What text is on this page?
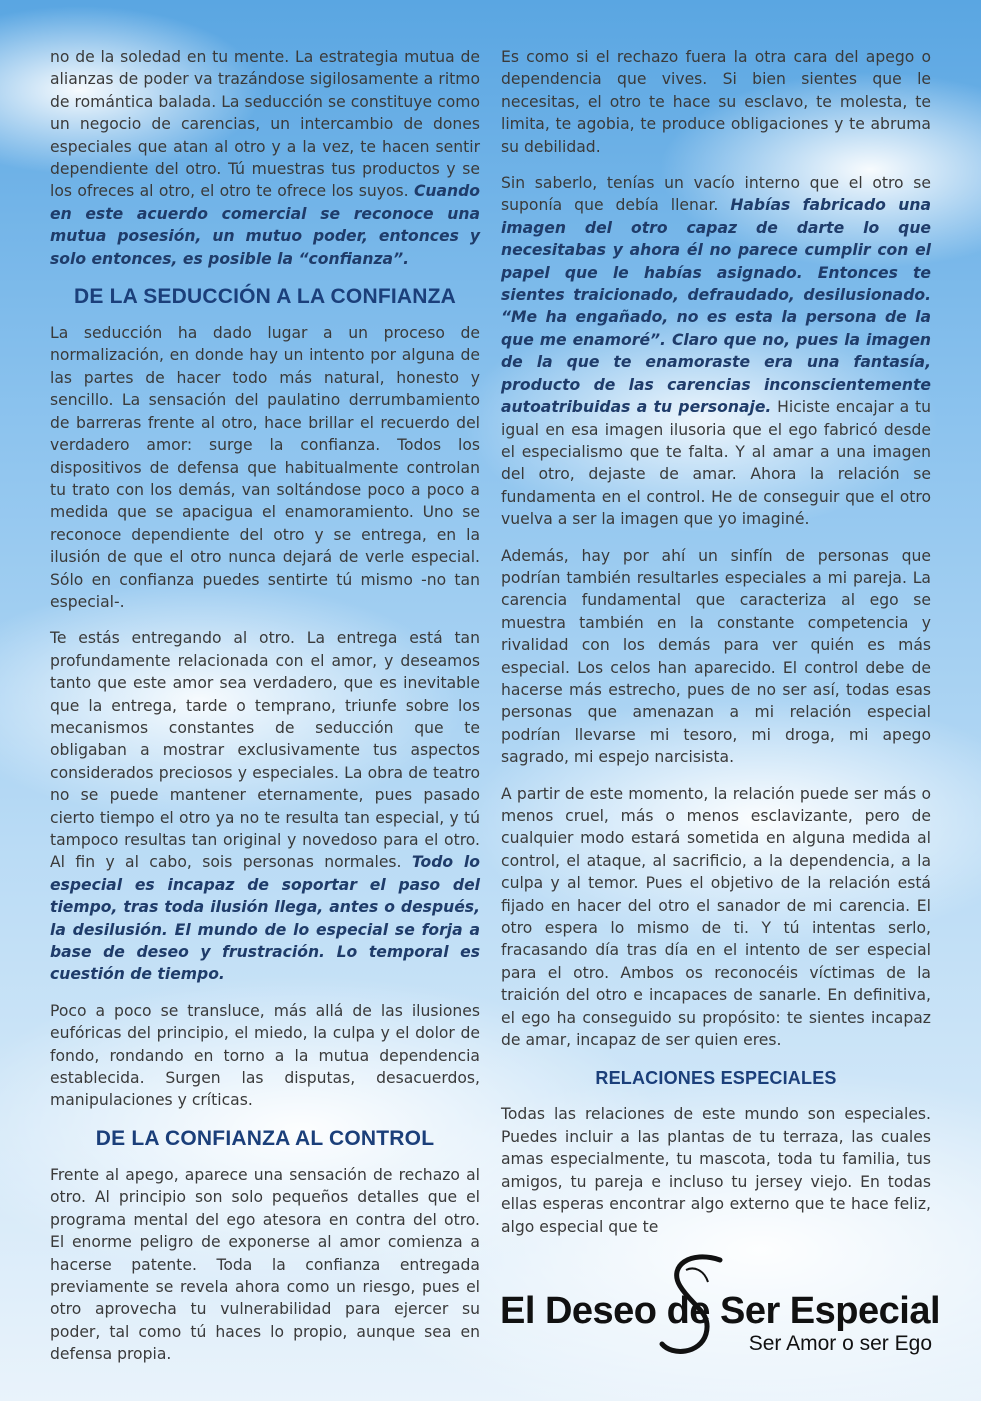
no de la soledad en tu mente. La estrategia mutua de alianzas de poder va trazándose sigilosamente a ritmo de romántica balada. La seducción se constituye como un negocio de carencias, un intercambio de dones especiales que atan al otro y a la vez, te hacen sentir dependiente del otro. Tú muestras tus productos y se los ofreces al otro, el otro te ofrece los suyos. Cuando en este acuerdo comercial se reconoce una mutua posesión, un mutuo poder, entonces y solo entonces, es posible la “confianza”.

DE LA SEDUCCIÓN A LA CONFIANZA

La seducción ha dado lugar a un proceso de normalización, en donde hay un intento por alguna de las partes de hacer todo más natural, honesto y sencillo. La sensación del paulatino derrumbamiento de barreras frente al otro, hace brillar el recuerdo del verdadero amor: surge la confianza. Todos los dispositivos de defensa que habitualmente controlan tu trato con los demás, van soltándose poco a poco a medida que se apacigua el enamoramiento. Uno se reconoce dependiente del otro y se entrega, en la ilusión de que el otro nunca dejará de verle especial. Sólo en confianza puedes sentirte tú mismo -no tan especial-.

Te estás entregando al otro. La entrega está tan profundamente relacionada con el amor, y deseamos tanto que este amor sea verdadero, que es inevitable que la entrega, tarde o temprano, triunfe sobre los mecanismos constantes de seducción que te obligaban a mostrar exclusivamente tus aspectos considerados preciosos y especiales. La obra de teatro no se puede mantener eternamente, pues pasado cierto tiempo el otro ya no te resulta tan especial, y tú tampoco resultas tan original y novedoso para el otro. Al fin y al cabo, sois personas normales. Todo lo especial es incapaz de soportar el paso del tiempo, tras toda ilusión llega, antes o después, la desilusión. El mundo de lo especial se forja a base de deseo y frustración. Lo temporal es cuestión de tiempo.

Poco a poco se transluce, más allá de las ilusiones eufóricas del principio, el miedo, la culpa y el dolor de fondo, rondando en torno a la mutua dependencia establecida. Surgen las disputas, desacuerdos, manipulaciones y críticas.

DE LA CONFIANZA AL CONTROL

Frente al apego, aparece una sensación de rechazo al otro. Al principio son solo pequeños detalles que el programa mental del ego atesora en contra del otro. El enorme peligro de exponerse al amor comienza a hacerse patente. Toda la confianza entregada previamente se revela ahora como un riesgo, pues el otro aprovecha tu vulnerabilidad para ejercer su poder, tal como tú haces lo propio, aunque sea en defensa propia.

Es como si el rechazo fuera la otra cara del apego o dependencia que vives. Si bien sientes que le necesitas, el otro te hace su esclavo, te molesta, te limita, te agobia, te produce obligaciones y te abruma su debilidad.

Sin saberlo, tenías un vacío interno que el otro se suponía que debía llenar. Habías fabricado una imagen del otro capaz de darte lo que necesitabas y ahora él no parece cumplir con el papel que le habías asignado. Entonces te sientes traicionado, defraudado, desilusionado. “Me ha engañado, no es esta la persona de la que me enamoré”. Claro que no, pues la imagen de la que te enamoraste era una fantasía, producto de las carencias inconscientemente autoatribuidas a tu personaje. Hiciste encajar a tu igual en esa imagen ilusoria que el ego fabricó desde el especialismo que te falta. Y al amar a una imagen del otro, dejaste de amar. Ahora la relación se fundamenta en el control. He de conseguir que el otro vuelva a ser la imagen que yo imaginé.

Además, hay por ahí un sinfín de personas que podrían también resultarles especiales a mi pareja. La carencia fundamental que caracteriza al ego se muestra también en la constante competencia y rivalidad con los demás para ver quién es más especial. Los celos han aparecido. El control debe de hacerse más estrecho, pues de no ser así, todas esas personas que amenazan a mi relación especial podrían llevarse mi tesoro, mi droga, mi apego sagrado, mi espejo narcisista.

A partir de este momento, la relación puede ser más o menos cruel, más o menos esclavizante, pero de cualquier modo estará sometida en alguna medida al control, el ataque, al sacrificio, a la dependencia, a la culpa y al temor. Pues el objetivo de la relación está fijado en hacer del otro el sanador de mi carencia. El otro espera lo mismo de ti. Y tú intentas serlo, fracasando día tras día en el intento de ser especial para el otro. Ambos os reconocéis víctimas de la traición del otro e incapaces de sanarle. En definitiva, el ego ha conseguido su propósito: te sientes incapaz de amar, incapaz de ser quien eres.

RELACIONES ESPECIALES

Todas las relaciones de este mundo son especiales. Puedes incluir a las plantas de tu terraza, las cuales amas especialmente, tu mascota, toda tu familia, tus amigos, tu pareja e incluso tu jersey viejo. En todas ellas esperas encontrar algo externo que te hace feliz, algo especial que te

El Deseo de Ser Especial
Ser Amor o ser Ego
